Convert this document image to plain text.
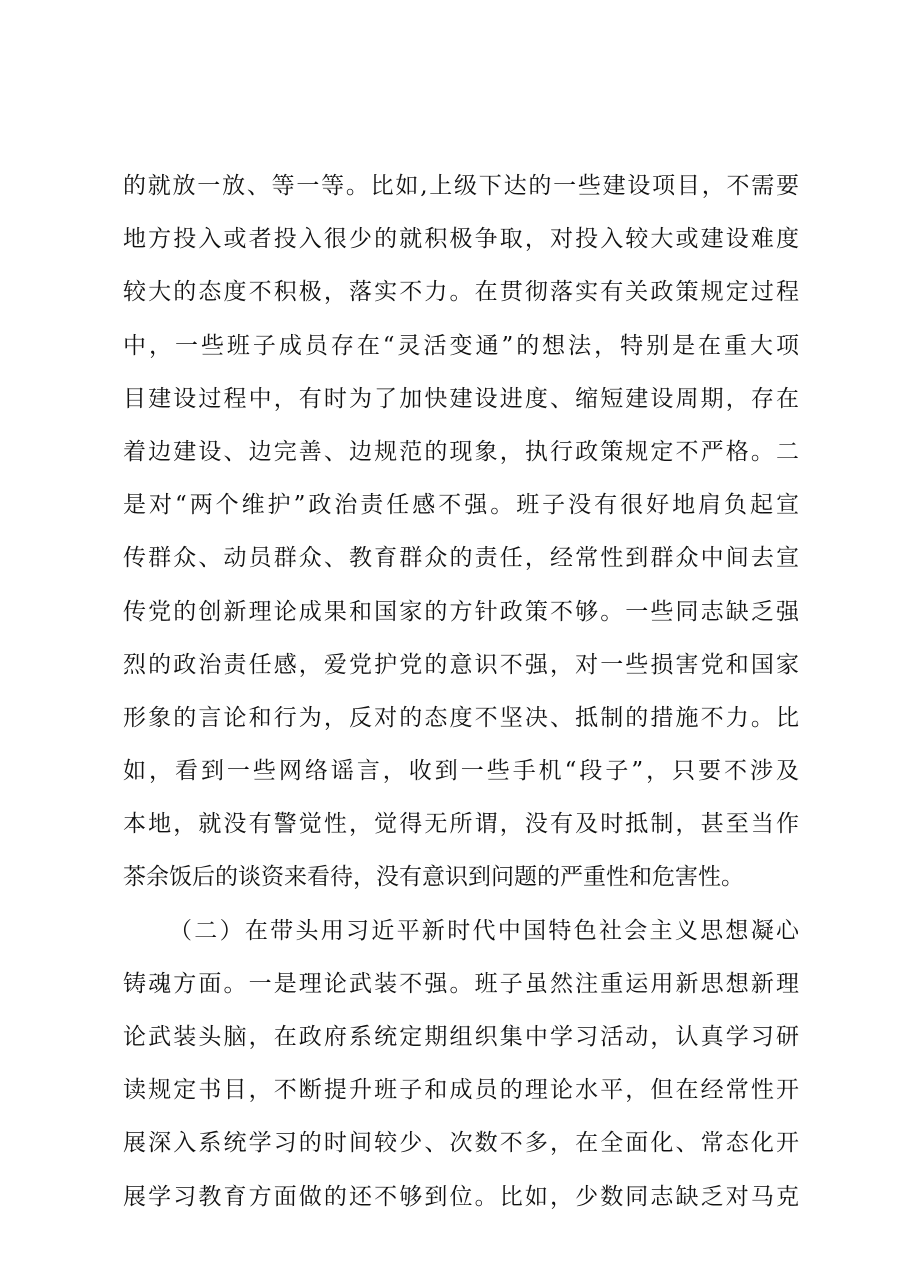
的就放一放、等一等。比如,上级下达的一些建设项目，不需要
地方投入或者投入很少的就积极争取，对投入较大或建设难度
较大的态度不积极，落实不力。在贯彻落实有关政策规定过程
中，一些班子成员存在“灵活变通”的想法，特别是在重大项
目建设过程中，有时为了加快建设进度、缩短建设周期，存在
着边建设、边完善、边规范的现象，执行政策规定不严格。二
是对“两个维护”政治责任感不强。班子没有很好地肩负起宣
传群众、动员群众、教育群众的责任，经常性到群众中间去宣
传党的创新理论成果和国家的方针政策不够。一些同志缺乏强
烈的政治责任感，爱党护党的意识不强，对一些损害党和国家
形象的言论和行为，反对的态度不坚决、抵制的措施不力。比
如，看到一些网络谣言，收到一些手机“段子”，只要不涉及
本地，就没有警觉性，觉得无所谓，没有及时抵制，甚至当作
茶余饭后的谈资来看待，没有意识到问题的严重性和危害性。
（二）在带头用习近平新时代中国特色社会主义思想凝心
铸魂方面。一是理论武装不强。班子虽然注重运用新思想新理
论武装头脑，在政府系统定期组织集中学习活动，认真学习研
读规定书目，不断提升班子和成员的理论水平，但在经常性开
展深入系统学习的时间较少、次数不多，在全面化、常态化开
展学习教育方面做的还不够到位。比如，少数同志缺乏对马克
